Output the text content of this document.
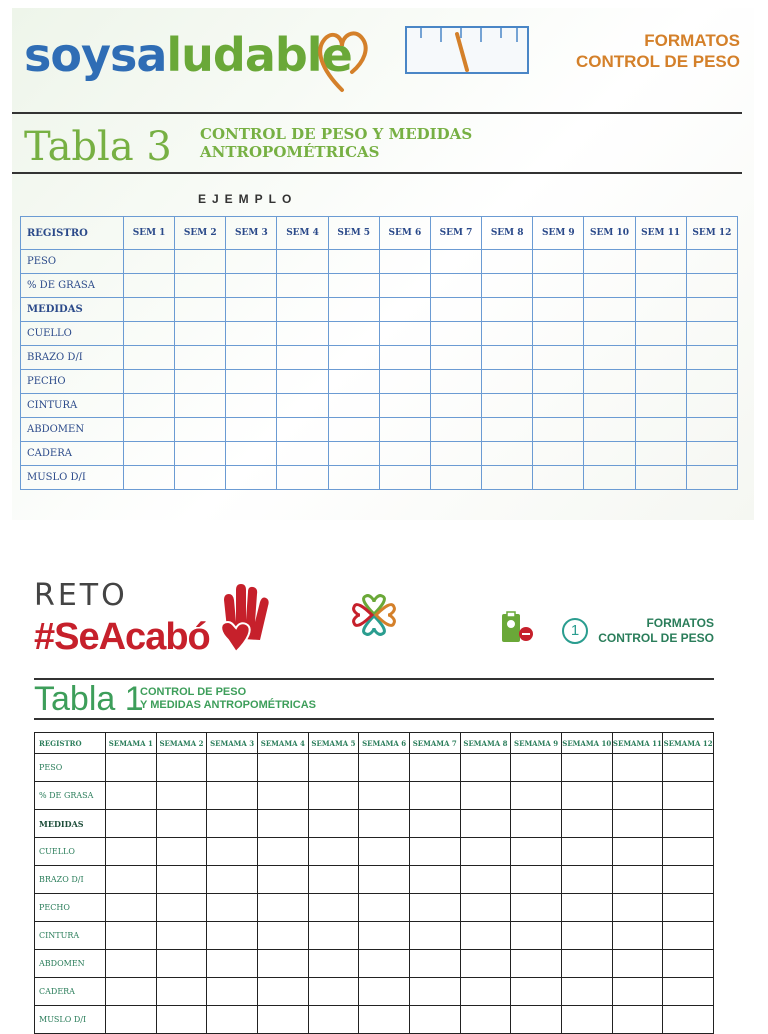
soysaludable	FORMATOS
CONTROL DE PESO
Tabla 3 CONTROL DE PESO Y MEDIDAS
ANTROPOMÉTRICAS
EJEMPLO
REGISTRO	SEM 1	SEM 2	SEM 3	SEM 4	SEM 5	SEM 6	SEM 7	SEM 8	SEM 9	SEM 10	SEM 11	SEM 12
PESO												
% DE GRASA												
MEDIDAS												
CUELLO												
BRAZO D/I												
PECHO												
CINTURA												
ABDOMEN												
CADERA												
MUSLO D/I												
RETO
#SeAcabó	1	FORMATOS
CONTROL DE PESO
Tabla 1
CONTROL DE PESO
Y MEDIDAS ANTROPOMÉTRICAS
REGISTRO	SEMAMA 1	SEMAMA 2	SEMAMA 3	SEMAMA 4	SEMAMA 5	SEMAMA 6	SEMAMA 7	SEMAMA 8	SEMAMA 9	SEMAMA 10	SEMAMA 11	SEMAMA 12
PESO												
% DE GRASA												
MEDIDAS												
CUELLO												
BRAZO D/I												
PECHO												
CINTURA												
ABDOMEN												
CADERA												
MUSLO D/I												
